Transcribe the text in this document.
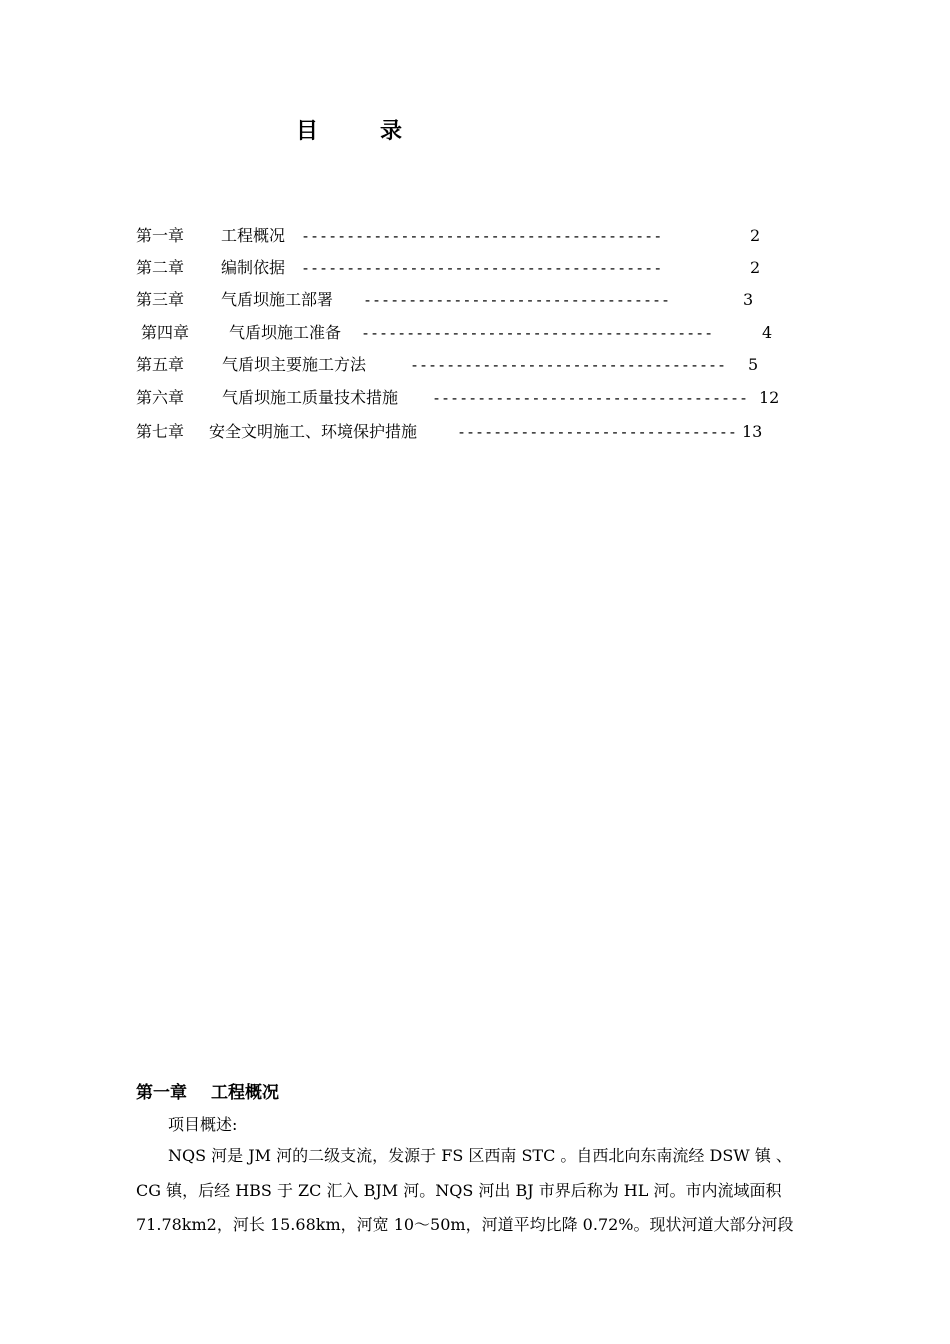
目	录
第一章	工程概况	----------------------------------------	2
第二章	编制依据	----------------------------------------	2
第三章	气盾坝施工部署	----------------------------------	3
第四章	气盾坝施工准备	---------------------------------------	4
第五章	气盾坝主要施工方法	-----------------------------------	5
第六章	气盾坝施工质量技术措施	----------------------------------- 12
第七章	安全文明施工、环境保护措施	------------------------------- 13
第一章 工程概况
项目概述:
NQS 河是 JM 河的二级支流，发源于 FS 区西南 STC 。自西北向东南流经 DSW 镇 、
CG 镇，后经 HBS 于 ZC 汇入 BJM 河。NQS 河出 BJ 市界后称为 HL 河。市内流域面积
71.78km2，河长 15.68km，河宽 10～50m，河道平均比降 0.72%。现状河道大部分河段
